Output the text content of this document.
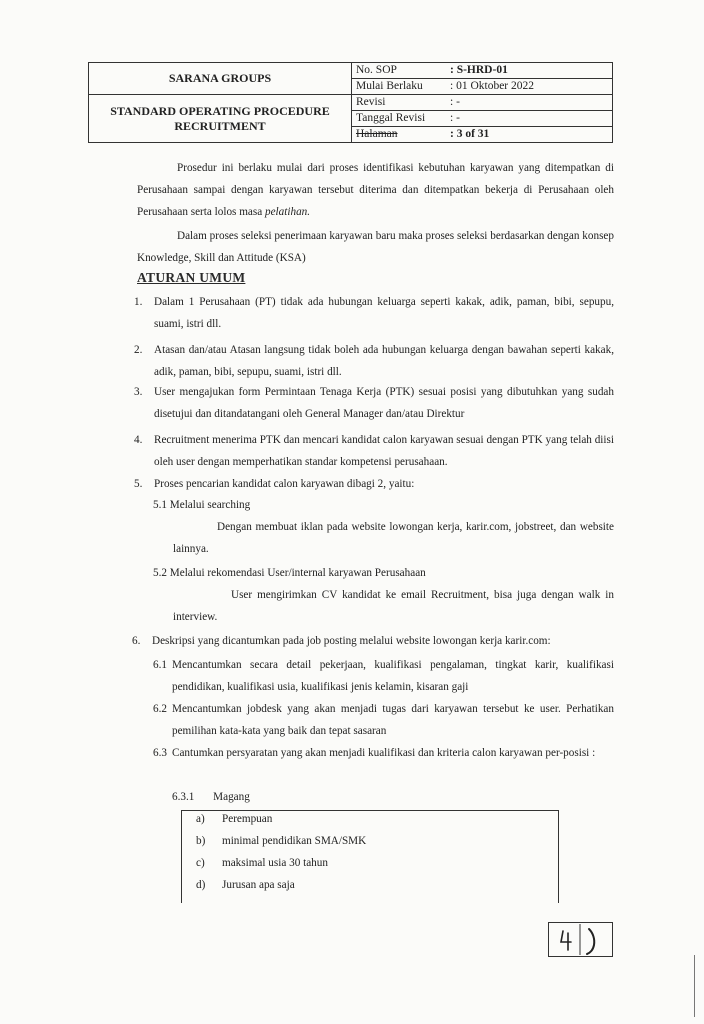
SARANA GROUPS	No. SOP	: S-HRD-01
	Mulai Berlaku	: 01 Oktober 2022
STANDARD OPERATING PROCEDURE RECRUITMENT	Revisi	: -
	Tanggal Revisi	: -
	Halaman	: 3 of 31

Prosedur ini berlaku mulai dari proses identifikasi kebutuhan karyawan yang ditempatkan di Perusahaan sampai dengan karyawan tersebut diterima dan ditempatkan bekerja di Perusahaan oleh Perusahaan serta lolos masa pelatihan.

Dalam proses seleksi penerimaan karyawan baru maka proses seleksi berdasarkan dengan konsep Knowledge, Skill dan Attitude (KSA)

ATURAN UMUM
1.	Dalam 1 Perusahaan (PT) tidak ada hubungan keluarga seperti kakak, adik, paman, bibi, sepupu, suami, istri dll.
2.	Atasan dan/atau Atasan langsung tidak boleh ada hubungan keluarga dengan bawahan seperti kakak, adik, paman, bibi, sepupu, suami, istri dll.
3.	User mengajukan form Permintaan Tenaga Kerja (PTK) sesuai posisi yang dibutuhkan yang sudah disetujui dan ditandatangani oleh General Manager dan/atau Direktur
4.	Recruitment menerima PTK dan mencari kandidat calon karyawan sesuai dengan PTK yang telah diisi oleh user dengan memperhatikan standar kompetensi perusahaan.
5.	Proses pencarian kandidat calon karyawan dibagi 2, yaitu:
5.1 Melalui searching

Dengan membuat iklan pada website lowongan kerja, karir.com, jobstreet, dan website lainnya.

5.2 Melalui rekomendasi User/internal karyawan Perusahaan

User mengirimkan CV kandidat ke email Recruitment, bisa juga dengan walk in interview.

6.	Deskripsi yang dicantumkan pada job posting melalui website lowongan kerja karir.com:
6.1 Mencantumkan secara detail pekerjaan, kualifikasi pengalaman, tingkat karir, kualifikasi pendidikan, kualifikasi usia, kualifikasi jenis kelamin, kisaran gaji
6.2 Mencantumkan jobdesk yang akan menjadi tugas dari karyawan tersebut ke user. Perhatikan pemilihan kata-kata yang baik dan tepat sasaran
6.3 Cantumkan persyaratan yang akan menjadi kualifikasi dan kriteria calon karyawan per-posisi :
6.3.1 Magang
a) Perempuan
b) minimal pendidikan SMA/SMK
c) maksimal usia 30 tahun
d) Jurusan apa saja
